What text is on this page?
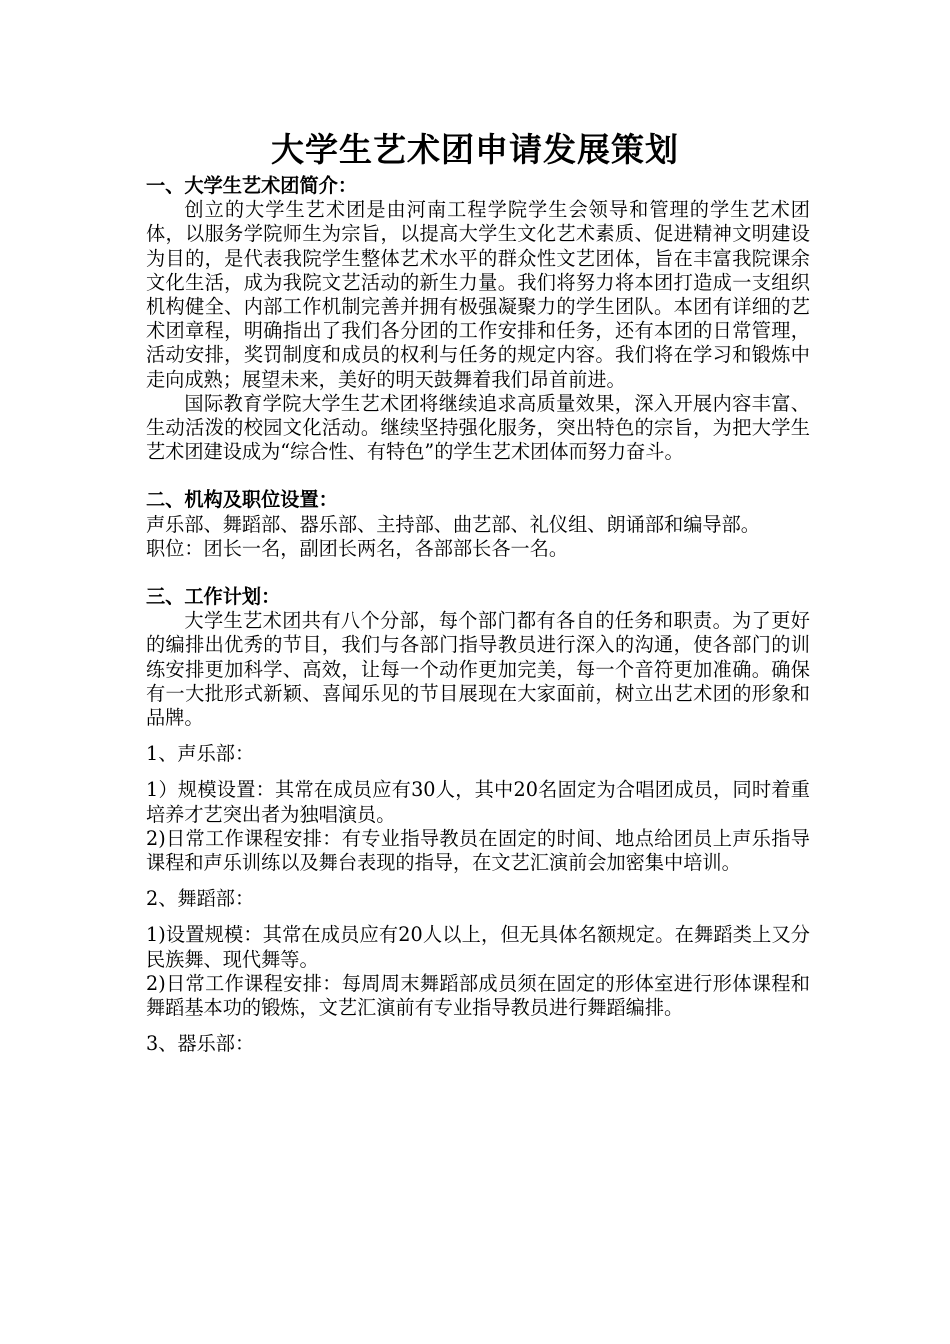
大学生艺术团申请发展策划

一、大学生艺术团简介：

创立的大学生艺术团是由河南工程学院学生会领导和管理的学生艺术团体，以服务学院师生为宗旨，以提高大学生文化艺术素质、促进精神文明建设为目的，是代表我院学生整体艺术水平的群众性文艺团体，旨在丰富我院课余文化生活，成为我院文艺活动的新生力量。我们将努力将本团打造成一支组织机构健全、内部工作机制完善并拥有极强凝聚力的学生团队。本团有详细的艺术团章程，明确指出了我们各分团的工作安排和任务，还有本团的日常管理，活动安排，奖罚制度和成员的权利与任务的规定内容。我们将在学习和锻炼中走向成熟；展望未来，美好的明天鼓舞着我们昂首前进。

国际教育学院大学生艺术团将继续追求高质量效果，深入开展内容丰富、生动活泼的校园文化活动。继续坚持强化服务，突出特色的宗旨，为把大学生艺术团建设成为“综合性、有特色”的学生艺术团体而努力奋斗。

二、机构及职位设置：

声乐部、舞蹈部、器乐部、主持部、曲艺部、礼仪组、朗诵部和编导部。

职位：团长一名，副团长两名，各部部长各一名。

三、工作计划：

大学生艺术团共有八个分部，每个部门都有各自的任务和职责。为了更好的编排出优秀的节目，我们与各部门指导教员进行深入的沟通，使各部门的训练安排更加科学、高效，让每一个动作更加完美，每一个音符更加准确。确保有一大批形式新颖、喜闻乐见的节目展现在大家面前，树立出艺术团的形象和品牌。

1、声乐部：

1）规模设置：其常在成员应有30人，其中20名固定为合唱团成员，同时着重培养才艺突出者为独唱演员。

2)日常工作课程安排：有专业指导教员在固定的时间、地点给团员上声乐指导课程和声乐训练以及舞台表现的指导，在文艺汇演前会加密集中培训。

2、舞蹈部：

1)设置规模：其常在成员应有20人以上，但无具体名额规定。在舞蹈类上又分民族舞、现代舞等。

2)日常工作课程安排：每周周末舞蹈部成员须在固定的形体室进行形体课程和舞蹈基本功的锻炼，文艺汇演前有专业指导教员进行舞蹈编排。

3、器乐部：
